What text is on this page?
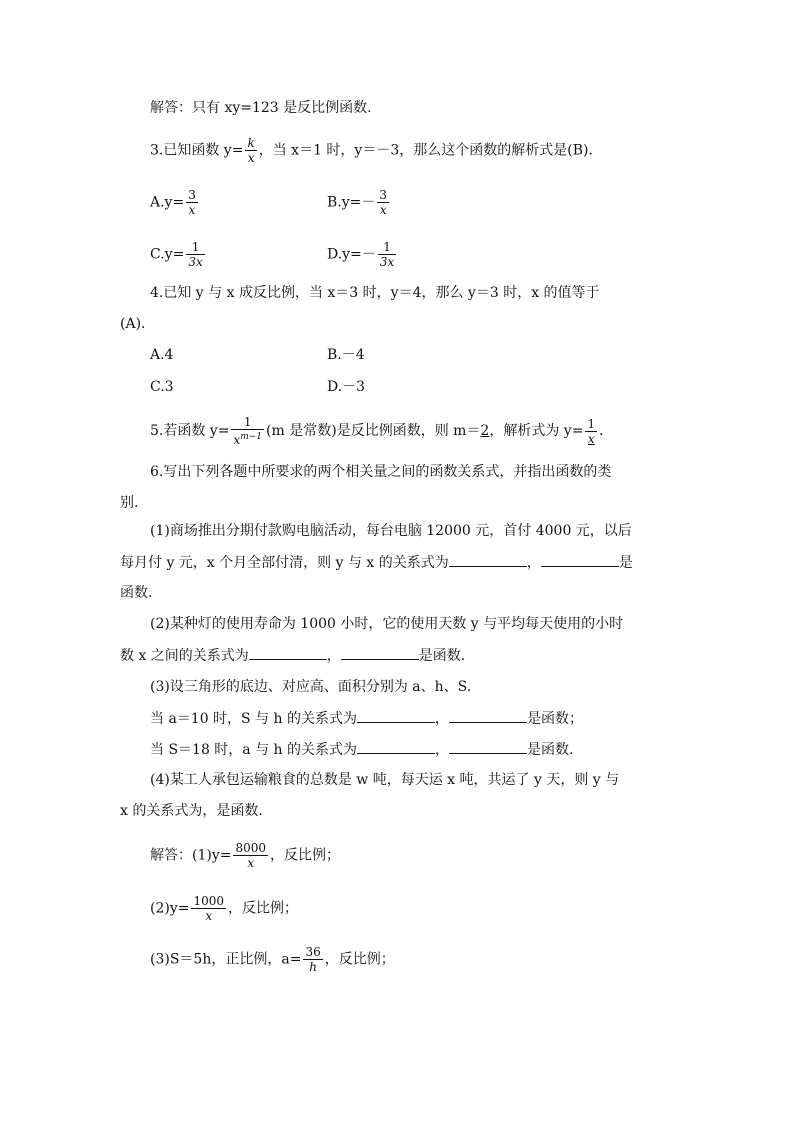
解答：只有 xy=123 是反比例函数.
3.已知函数 $y= \frac{k}{x}$ ，当 x＝1 时，y＝－3，那么这个函数的解析式是(B)．
$A.y= \frac{3}{x}$	$B.y=- \frac{3}{x}$
$C.y= \frac{1}{3x}$	$D.y=- \frac{1}{3x}$
4.已知 y 与 x 成反比例，当 x＝3 时，y＝4，那么 y＝3 时，x 的值等于
(A)．
A.4	B.－4
C.3	D.－3
5.若函数 $y= \frac{1}{x^{m-1}} (m$ 是常数)是反比例函数，则 m＝2，解析式为 $y= \frac{1}{x}$ ．
6.写出下列各题中所要求的两个相关量之间的函数关系式，并指出函数的类
别.
(1)商场推出分期付款购电脑活动，每台电脑 12000 元，首付 4000 元，以后
每月付 y 元，x 个月全部付清，则 y 与 x 的关系式为	，	是
函数.
(2)某种灯的使用寿命为 1000 小时，它的使用天数 y 与平均每天使用的小时
数 x 之间的关系式为	，	是函数.
(3)设三角形的底边、对应高、面积分别为 a、h、S.
当 a＝10 时，S 与 h 的关系式为	，	是函数；
当 S＝18 时，a 与 h 的关系式为	，	是函数.
(4)某工人承包运输粮食的总数是 w 吨，每天运 x 吨，共运了 y 天，则 y 与
x 的关系式为，是函数.
解答：$(1)y= \frac{8000}{x}$ ，反比例；
$(2)y= \frac{1000}{x}$ ，反比例；
(3)S＝5h，正比例，$a= \frac{36}{h}$ ，反比例；
